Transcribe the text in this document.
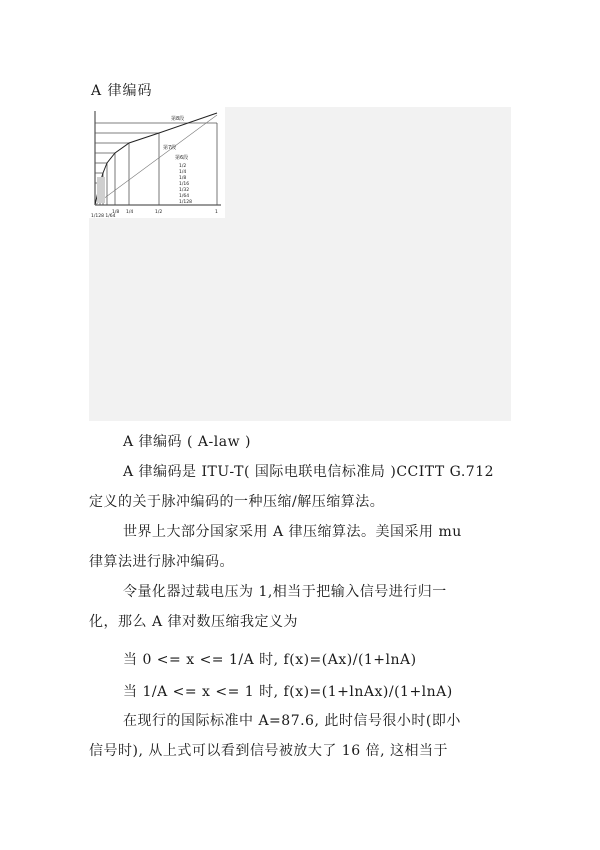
A 律编码
第8段
第7段
第6段
1/2
1/4
1/8
1/16
1/32
1/64
1/128
1
1/2
1/4
1/8
1/128 1/64
A 律编码 ( A-law )
A 律编码是 ITU-T( 国际电联电信标准局 )CCITT G.712
定义的关于脉冲编码的一种压缩/解压缩算法。
世界上大部分国家采用 A 律压缩算法。美国采用 mu
律算法进行脉冲编码。
令量化器过载电压为 1,相当于把输入信号进行归一
化，那么 A 律对数压缩我定义为
当 0 <= x <= 1/A 时, f(x)=(Ax)/(1+lnA)
当 1/A <= x <= 1 时, f(x)=(1+lnAx)/(1+lnA)
在现行的国际标准中 A=87.6, 此时信号很小时(即小
信号时), 从上式可以看到信号被放大了 16 倍, 这相当于
